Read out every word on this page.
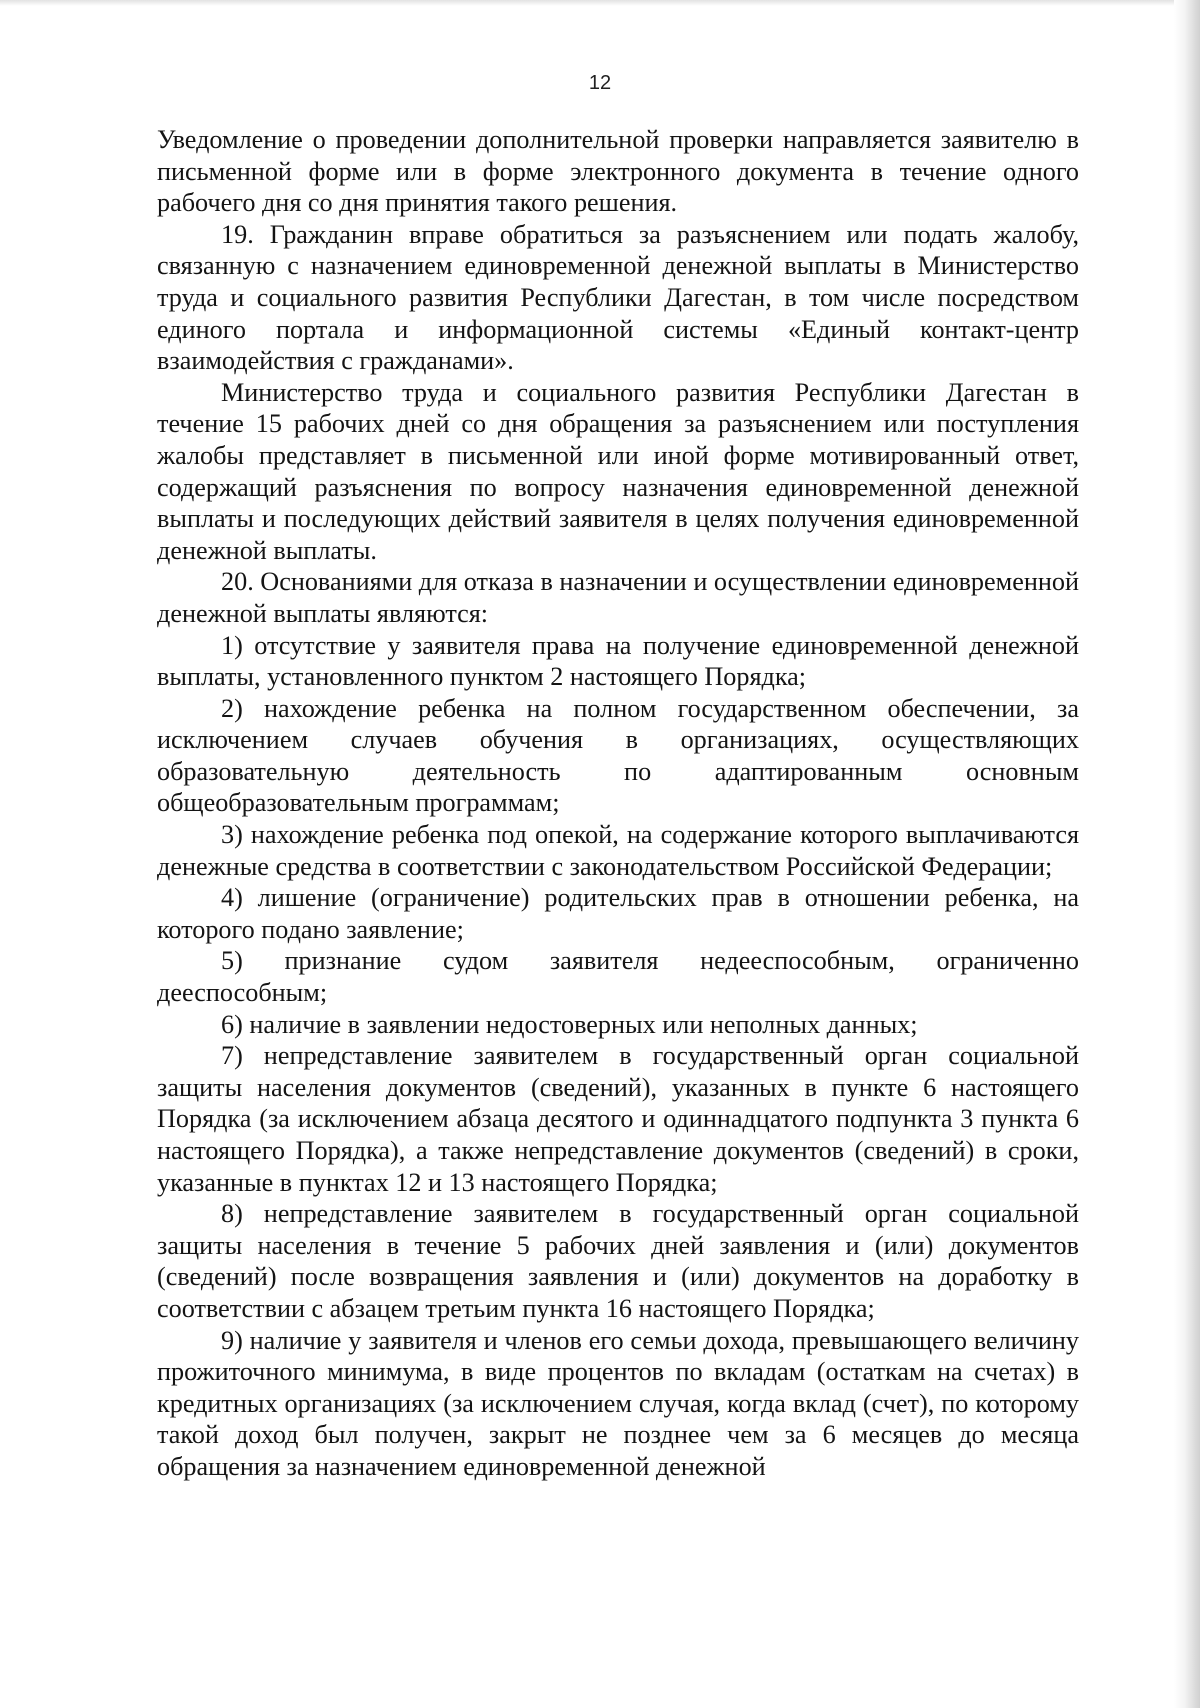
12

Уведомление о проведении дополнительной проверки направляется заявителю в письменной форме или в форме электронного документа в течение одного рабочего дня со дня принятия такого решения.

19. Гражданин вправе обратиться за разъяснением или подать жалобу, связанную с назначением единовременной денежной выплаты в Министерство труда и социального развития Республики Дагестан, в том числе посредством единого портала и информационной системы «Единый контакт-центр взаимодействия с гражданами».

Министерство труда и социального развития Республики Дагестан в течение 15 рабочих дней со дня обращения за разъяснением или поступления жалобы представляет в письменной или иной форме мотивированный ответ, содержащий разъяснения по вопросу назначения единовременной денежной выплаты и последующих действий заявителя в целях получения единовременной денежной выплаты.

20. Основаниями для отказа в назначении и осуществлении единовременной денежной выплаты являются:

1) отсутствие у заявителя права на получение единовременной денежной выплаты, установленного пунктом 2 настоящего Порядка;

2) нахождение ребенка на полном государственном обеспечении, за исключением случаев обучения в организациях, осуществляющих образовательную деятельность по адаптированным основным общеобразовательным программам;

3) нахождение ребенка под опекой, на содержание которого выплачиваются денежные средства в соответствии с законодательством Российской Федерации;

4) лишение (ограничение) родительских прав в отношении ребенка, на которого подано заявление;

5) признание судом заявителя недееспособным, ограниченно дееспособным;

6) наличие в заявлении недостоверных или неполных данных;

7) непредставление заявителем в государственный орган социальной защиты населения документов (сведений), указанных в пункте 6 настоящего Порядка (за исключением абзаца десятого и одиннадцатого подпункта 3 пункта 6 настоящего Порядка), а также непредставление документов (сведений) в сроки, указанные в пунктах 12 и 13 настоящего Порядка;

8) непредставление заявителем в государственный орган социальной защиты населения в течение 5 рабочих дней заявления и (или) документов (сведений) после возвращения заявления и (или) документов на доработку в соответствии с абзацем третьим пункта 16 настоящего Порядка;

9) наличие у заявителя и членов его семьи дохода, превышающего величину прожиточного минимума, в виде процентов по вкладам (остаткам на счетах) в кредитных организациях (за исключением случая, когда вклад (счет), по которому такой доход был получен, закрыт не позднее чем за 6 месяцев до месяца обращения за назначением единовременной денежной
